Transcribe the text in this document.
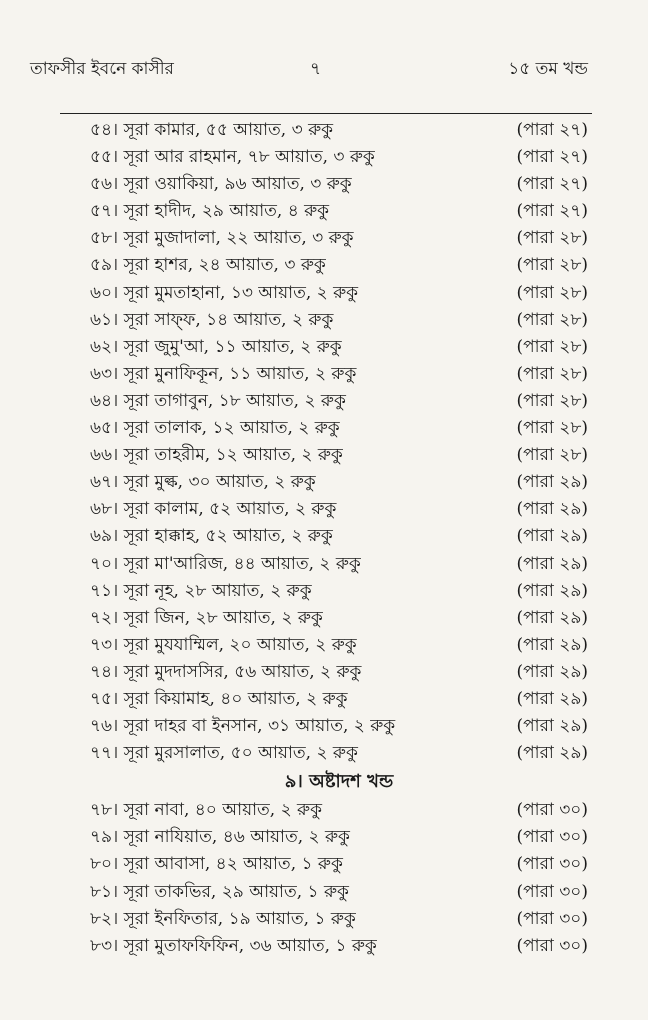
তাফসীর ইবনে কাসীর	৭	১৫ তম খন্ড
৫৪। সূরা কামার, ৫৫ আয়াত, ৩ রুকু	(পারা ২৭)
৫৫। সূরা আর রাহমান, ৭৮ আয়াত, ৩ রুকু	(পারা ২৭)
৫৬। সূরা ওয়াকিয়া, ৯৬ আয়াত, ৩ রুকু	(পারা ২৭)
৫৭। সূরা হাদীদ, ২৯ আয়াত, ৪ রুকু	(পারা ২৭)
৫৮। সূরা মুজাদালা, ২২ আয়াত, ৩ রুকু	(পারা ২৮)
৫৯। সূরা হাশর, ২৪ আয়াত, ৩ রুকু	(পারা ২৮)
৬০। সূরা মুমতাহানা, ১৩ আয়াত, ২ রুকু	(পারা ২৮)
৬১। সূরা সাফ্ফ, ১৪ আয়াত, ২ রুকু	(পারা ২৮)
৬২। সূরা জুমু'আ, ১১ আয়াত, ২ রুকু	(পারা ২৮)
৬৩। সূরা মুনাফিকূন, ১১ আয়াত, ২ রুকু	(পারা ২৮)
৬৪। সূরা তাগাবুন, ১৮ আয়াত, ২ রুকু	(পারা ২৮)
৬৫। সূরা তালাক, ১২ আয়াত, ২ রুকু	(পারা ২৮)
৬৬। সূরা তাহরীম, ১২ আয়াত, ২ রুকু	(পারা ২৮)
৬৭। সূরা মুল্ক, ৩০ আয়াত, ২ রুকু	(পারা ২৯)
৬৮। সূরা কালাম, ৫২ আয়াত, ২ রুকু	(পারা ২৯)
৬৯। সূরা হাক্কাহ, ৫২ আয়াত, ২ রুকু	(পারা ২৯)
৭০। সূরা মা'আরিজ, ৪৪ আয়াত, ২ রুকু	(পারা ২৯)
৭১। সূরা নূহ, ২৮ আয়াত, ২ রুকু	(পারা ২৯)
৭২। সূরা জিন, ২৮ আয়াত, ২ রুকু	(পারা ২৯)
৭৩। সূরা মুযযাম্মিল, ২০ আয়াত, ২ রুকু	(পারা ২৯)
৭৪। সূরা মুদদাসসির, ৫৬ আয়াত, ২ রুকু	(পারা ২৯)
৭৫। সূরা কিয়ামাহ, ৪০ আয়াত, ২ রুকু	(পারা ২৯)
৭৬। সূরা দাহর বা ইনসান, ৩১ আয়াত, ২ রুকু	(পারা ২৯)
৭৭। সূরা মুরসালাত, ৫০ আয়াত, ২ রুকু	(পারা ২৯)
৯। অষ্টাদশ খন্ড
৭৮। সূরা নাবা, ৪০ আয়াত, ২ রুকু	(পারা ৩০)
৭৯। সূরা নাযিয়াত, ৪৬ আয়াত, ২ রুকু	(পারা ৩০)
৮০। সূরা আবাসা, ৪২ আয়াত, ১ রুকু	(পারা ৩০)
৮১। সূরা তাকভির, ২৯ আয়াত, ১ রুকু	(পারা ৩০)
৮২। সূরা ইনফিতার, ১৯ আয়াত, ১ রুকু	(পারা ৩০)
৮৩। সূরা মুতাফফিফিন, ৩৬ আয়াত, ১ রুকু	(পারা ৩০)
